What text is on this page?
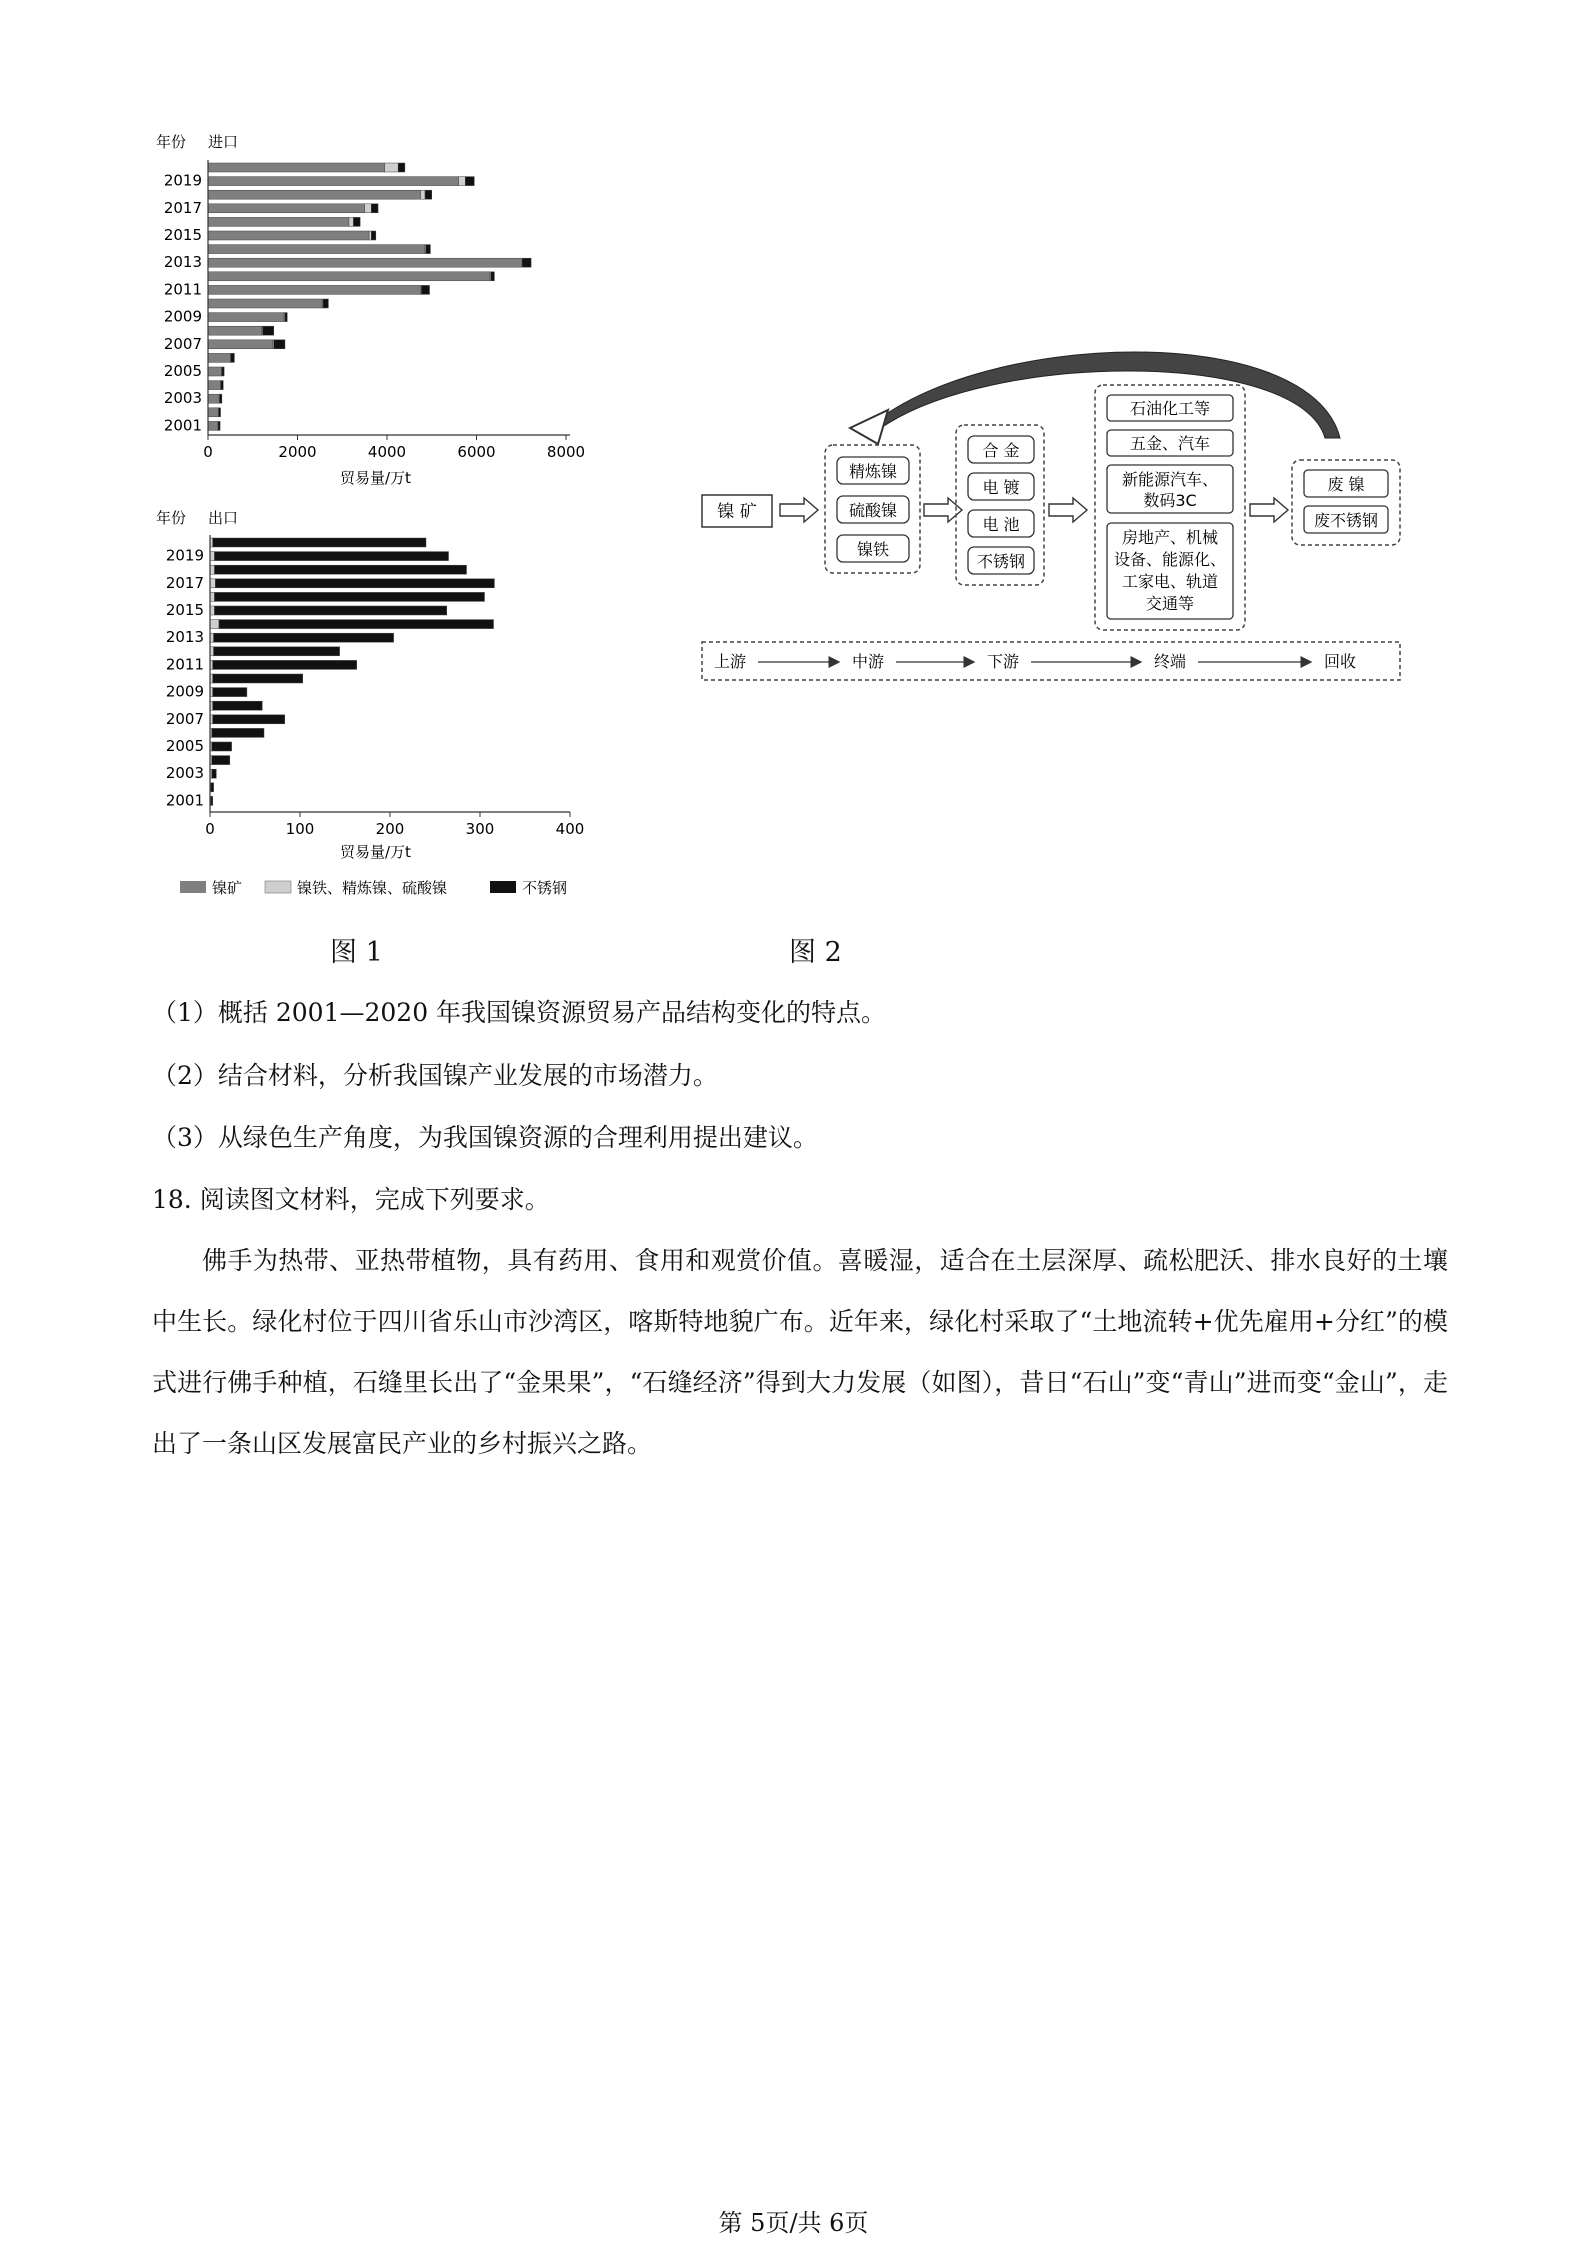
年份 进口
2019
2017
2015
2013
2011
2009
2007
2005
2003
2001
0	2000	4000	6000	8000
贸易量/万t
年份 出口
2019
2017
2015
2013
2011
2009
2007
2005
2003
2001
0	100	200	300	400
贸易量/万t
镍矿	镍铁、精炼镍、硫酸镍	不锈钢
镍 矿
精炼镍
硫酸镍
镍铁
合 金
电 镀
电 池
不锈钢
石油化工等
五金、汽车
新能源汽车、
数码3C
房地产、机械
设备、能源化、
工家电、轨道
交通等
废 镍
废不锈钢
上游	中游	下游	终端	回收
图 1	图 2
（1）概括 2001—2020 年我国镍资源贸易产品结构变化的特点。
（2）结合材料，分析我国镍产业发展的市场潜力。
（3）从绿色生产角度，为我国镍资源的合理利用提出建议。
18. 阅读图文材料，完成下列要求。
佛手为热带、亚热带植物，具有药用、食用和观赏价值。喜暖湿，适合在土层深厚、疏松肥沃、排水良好的土壤中生长。绿化村位于四川省乐山市沙湾区，喀斯特地貌广布。近年来，绿化村采取了“土地流转+优先雇用+分红”的模式进行佛手种植，石缝里长出了“金果果”，“石缝经济”得到大力发展（如图），昔日“石山”变“青山”进而变“金山”，走出了一条山区发展富民产业的乡村振兴之路。
第 5页/共 6页
